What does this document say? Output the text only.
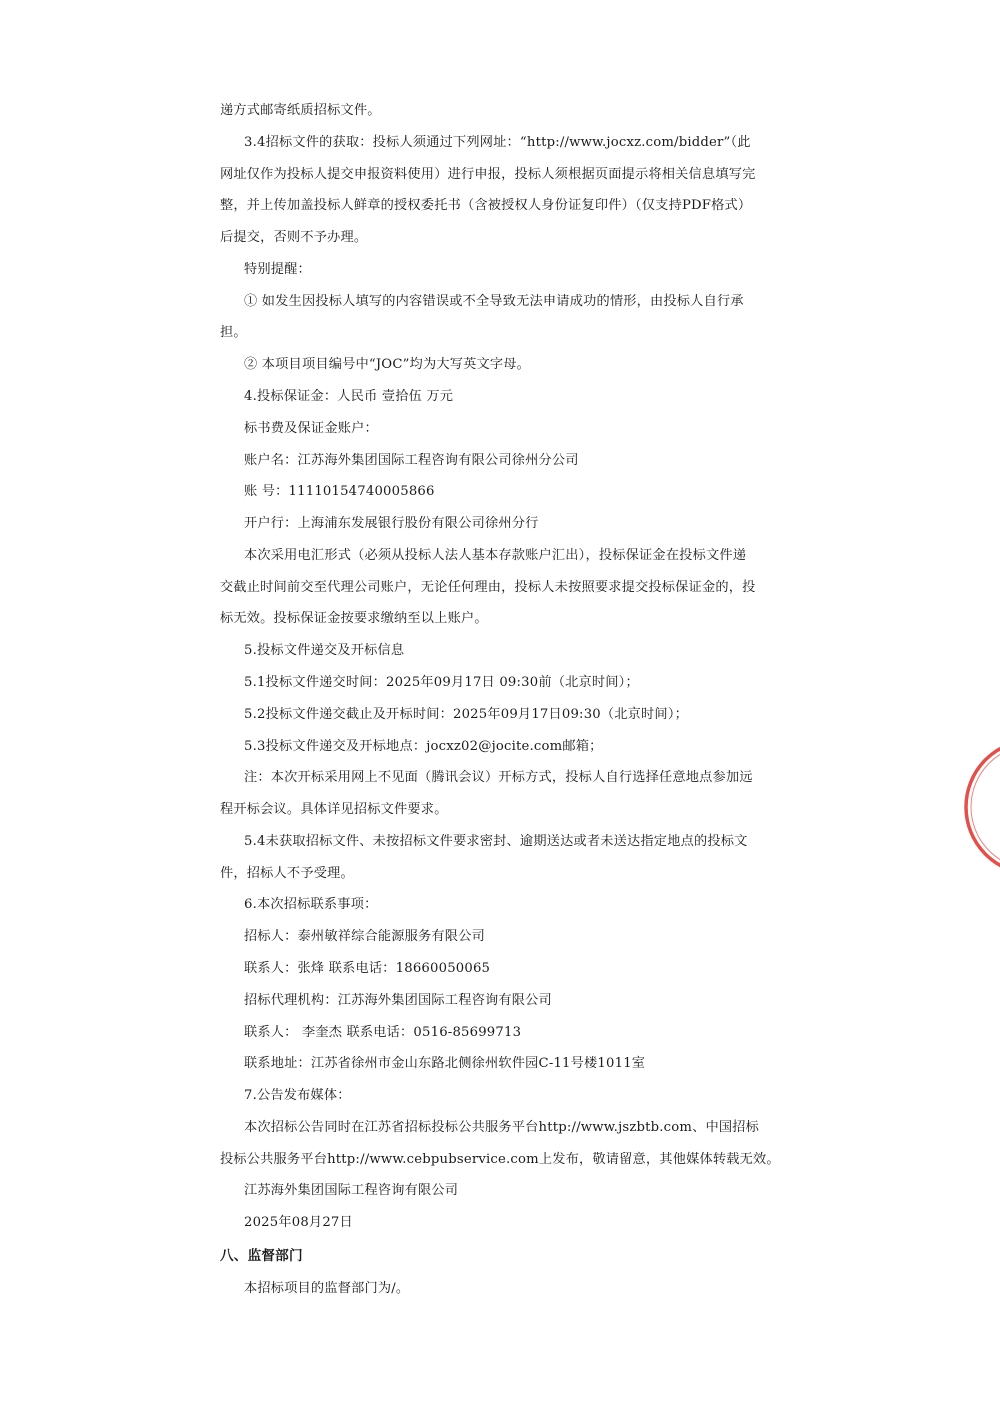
递方式邮寄纸质招标文件。
3.4招标文件的获取：投标人须通过下列网址：“http://www.jocxz.com/bidder”（此
网址仅作为投标人提交申报资料使用）进行申报，投标人须根据页面提示将相关信息填写完
整，并上传加盖投标人鲜章的授权委托书（含被授权人身份证复印件）（仅支持PDF格式）
后提交，否则不予办理。
特别提醒：
① 如发生因投标人填写的内容错误或不全导致无法申请成功的情形，由投标人自行承
担。
② 本项目项目编号中“JOC”均为大写英文字母。
4.投标保证金：人民币 壹拾伍 万元
标书费及保证金账户：
账户名：江苏海外集团国际工程咨询有限公司徐州分公司
账 号：11110154740005866
开户行：上海浦东发展银行股份有限公司徐州分行
本次采用电汇形式（必须从投标人法人基本存款账户汇出），投标保证金在投标文件递
交截止时间前交至代理公司账户，无论任何理由，投标人未按照要求提交投标保证金的，投
标无效。投标保证金按要求缴纳至以上账户。
5.投标文件递交及开标信息
5.1投标文件递交时间：2025年09月17日 09:30前（北京时间）；
5.2投标文件递交截止及开标时间：2025年09月17日09:30（北京时间）；
5.3投标文件递交及开标地点：jocxz02@jocite.com邮箱；
注：本次开标采用网上不见面（腾讯会议）开标方式，投标人自行选择任意地点参加远
程开标会议。具体详见招标文件要求。
5.4未获取招标文件、未按招标文件要求密封、逾期送达或者未送达指定地点的投标文
件，招标人不予受理。
6.本次招标联系事项：
招标人：泰州敏祥综合能源服务有限公司
联系人：张烽 联系电话：18660050065
招标代理机构：江苏海外集团国际工程咨询有限公司
联系人： 李奎杰 联系电话：0516-85699713
联系地址：江苏省徐州市金山东路北侧徐州软件园C-11号楼1011室
7.公告发布媒体：
本次招标公告同时在江苏省招标投标公共服务平台http://www.jszbtb.com、中国招标
投标公共服务平台http://www.cebpubservice.com上发布，敬请留意，其他媒体转载无效。
江苏海外集团国际工程咨询有限公司
2025年08月27日
八、监督部门
本招标项目的监督部门为/。
